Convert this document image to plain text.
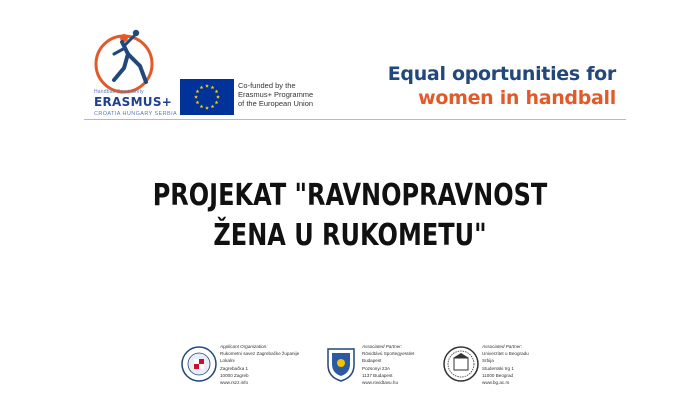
Handball Sport Unity
ERASMUS+
CROATIA HUNGARY SERBIA
Co-funded by the
Erasmus+ Programme
of the European Union
Equal oportunities for
women in handball
PROJEKAT "RAVNOPRAVNOST
ŽENA U RUKOMETU"
Applicant Organization:
Rukometni savez Zagrebačke županije
Lokalni
Zagrebačka 1
10000 Zagreb
www.rszz.info
Associated Partner:
Rövidtávú Sportegyesület
Budapest
Pozsonyi 23A
1137 Budapest
www.rovidtavu.hu
Associated Partner:
Univerzitet u Beogradu
Srbija
Studentski trg 1
11000 Beograd
www.bg.ac.rs
